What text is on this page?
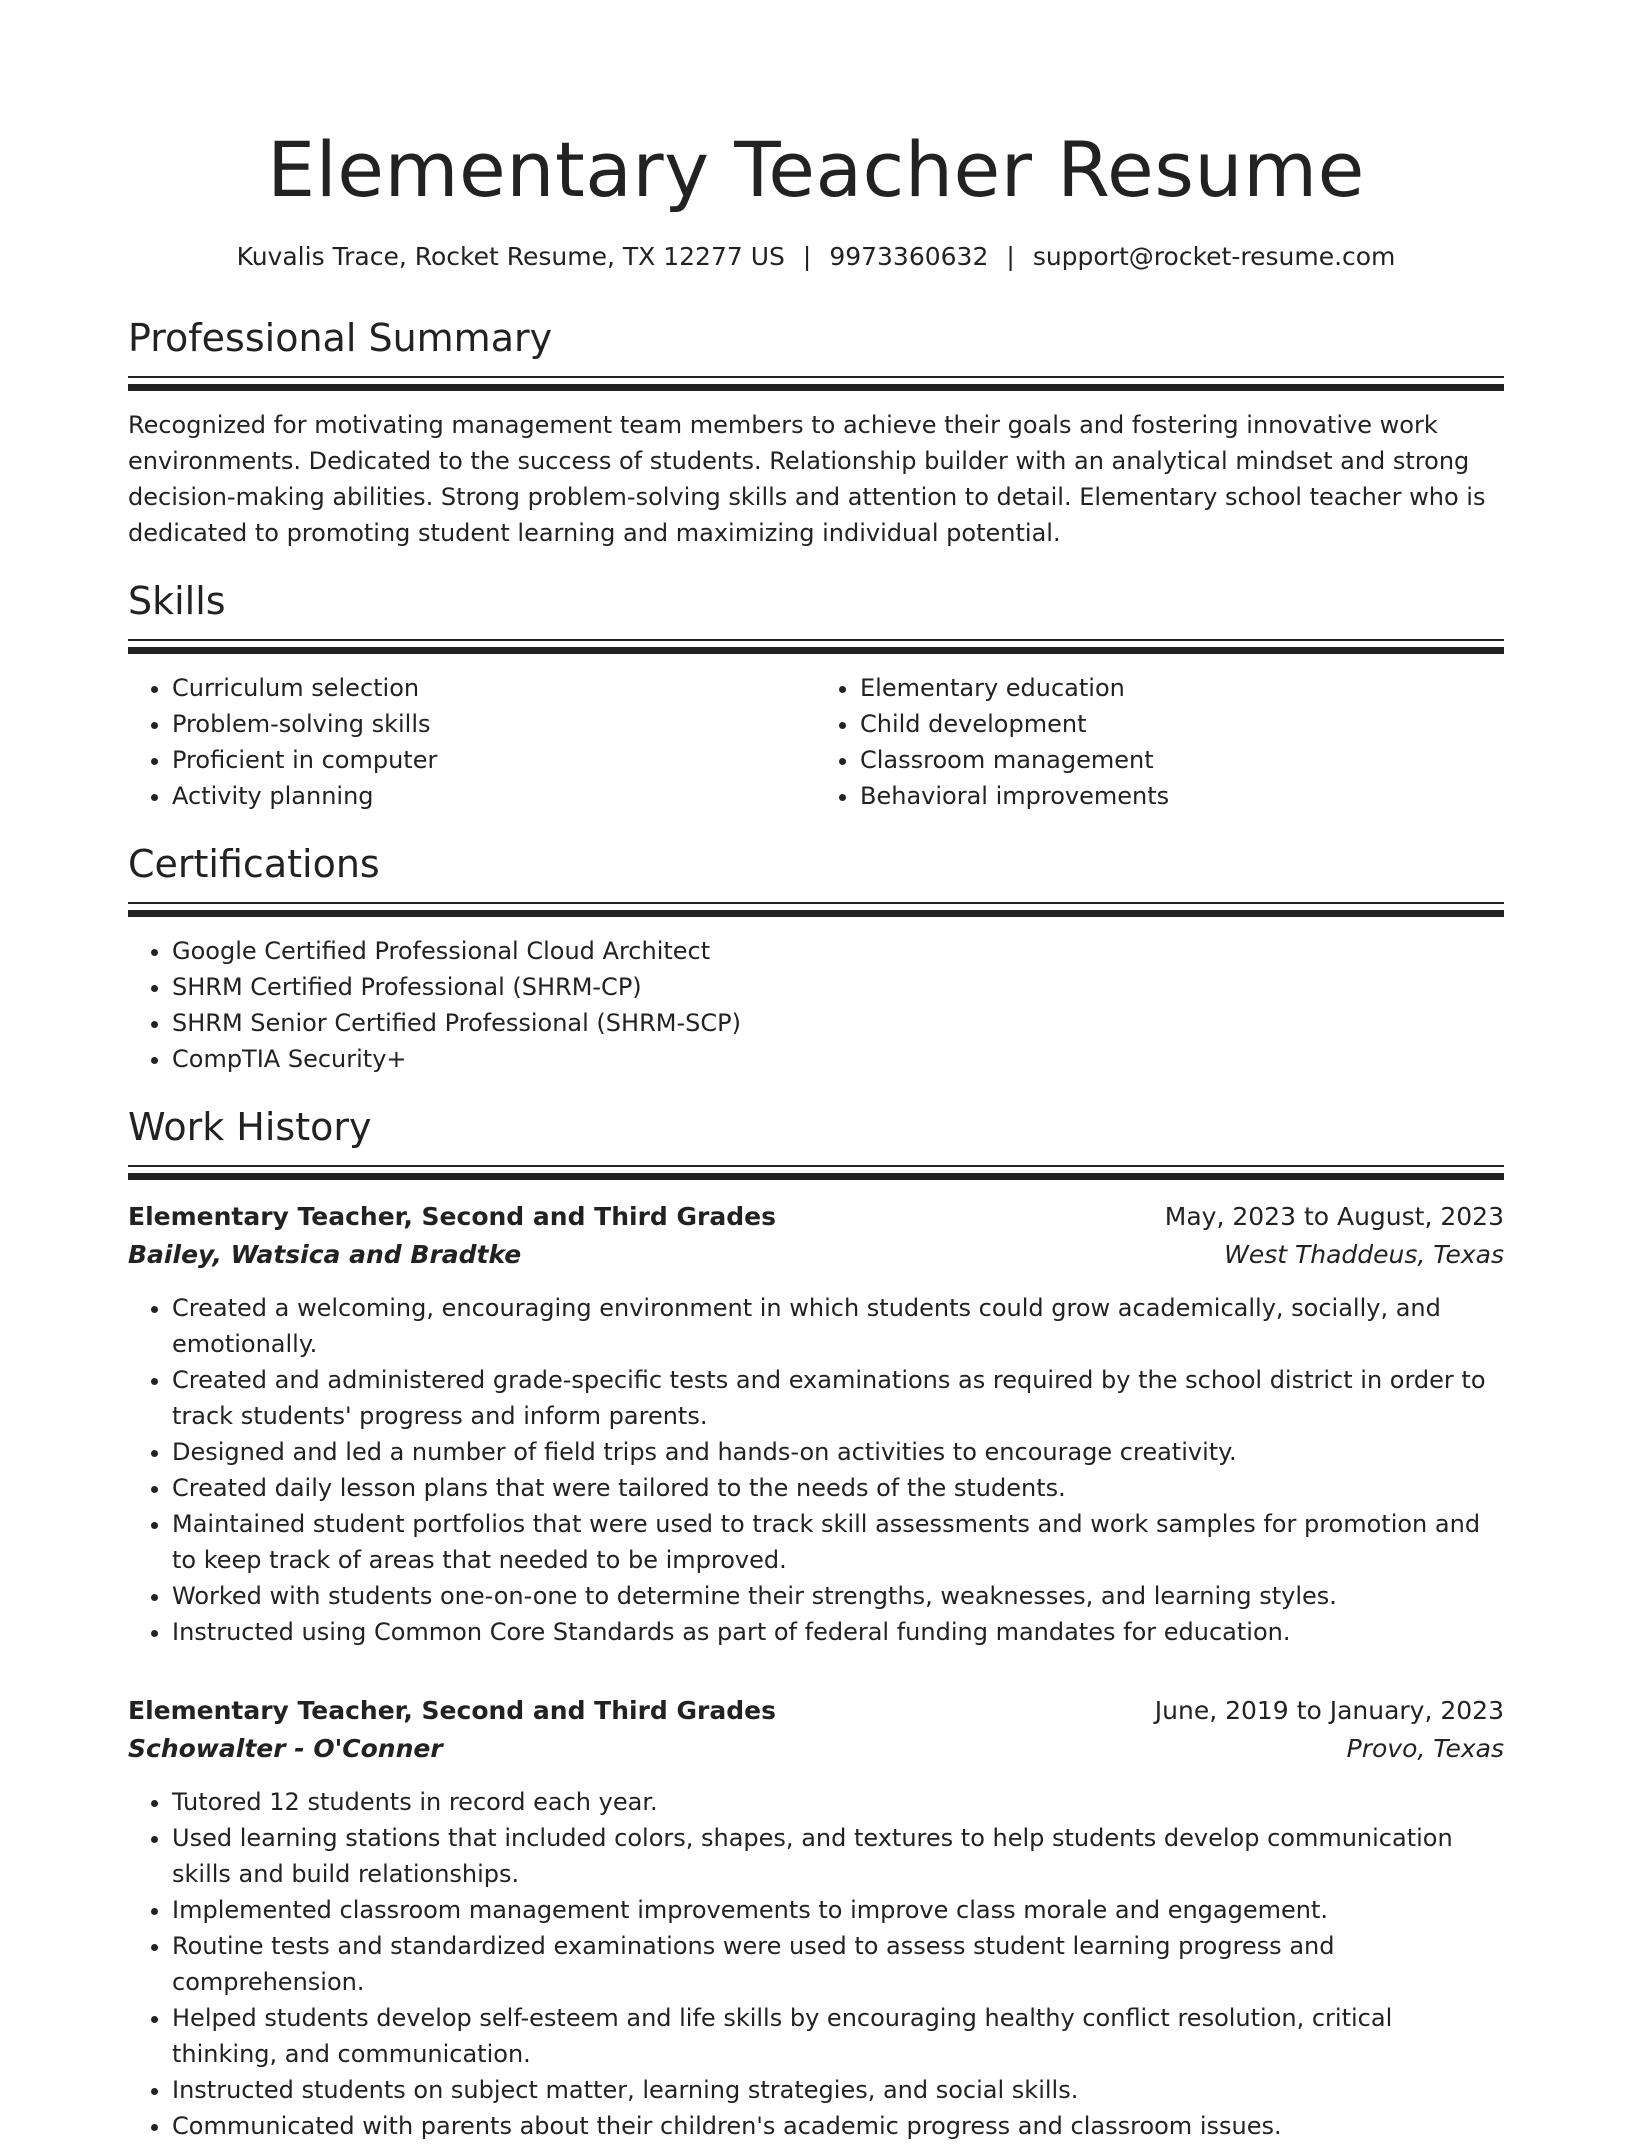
Elementary Teacher Resume
Kuvalis Trace, Rocket Resume, TX 12277 US | 9973360632 | support@rocket-resume.com
Professional Summary

Recognized for motivating management team members to achieve their goals and fostering innovative work environments. Dedicated to the success of students. Relationship builder with an analytical mindset and strong decision-making abilities. Strong problem-solving skills and attention to detail. Elementary school teacher who is dedicated to promoting student learning and maximizing individual potential.

Skills
• Curriculum selection
• Problem-solving skills
• Proficient in computer
• Activity planning
• Elementary education
• Child development
• Classroom management
• Behavioral improvements
Certifications
• Google Certified Professional Cloud Architect
• SHRM Certified Professional (SHRM-CP)
• SHRM Senior Certified Professional (SHRM-SCP)
• CompTIA Security+
Work History
Elementary Teacher, Second and Third Grades	May, 2023 to August, 2023
Bailey, Watsica and Bradtke	West Thaddeus, Texas
• Created a welcoming, encouraging environment in which students could grow academically, socially, and emotionally.
• Created and administered grade-specific tests and examinations as required by the school district in order to track students' progress and inform parents.
• Designed and led a number of field trips and hands-on activities to encourage creativity.
• Created daily lesson plans that were tailored to the needs of the students.
• Maintained student portfolios that were used to track skill assessments and work samples for promotion and to keep track of areas that needed to be improved.
• Worked with students one-on-one to determine their strengths, weaknesses, and learning styles.
• Instructed using Common Core Standards as part of federal funding mandates for education.
Elementary Teacher, Second and Third Grades	June, 2019 to January, 2023
Schowalter - O'Conner	Provo, Texas
• Tutored 12 students in record each year.
• Used learning stations that included colors, shapes, and textures to help students develop communication skills and build relationships.
• Implemented classroom management improvements to improve class morale and engagement.
• Routine tests and standardized examinations were used to assess student learning progress and comprehension.
• Helped students develop self-esteem and life skills by encouraging healthy conflict resolution, critical thinking, and communication.
• Instructed students on subject matter, learning strategies, and social skills.
• Communicated with parents about their children's academic progress and classroom issues.
